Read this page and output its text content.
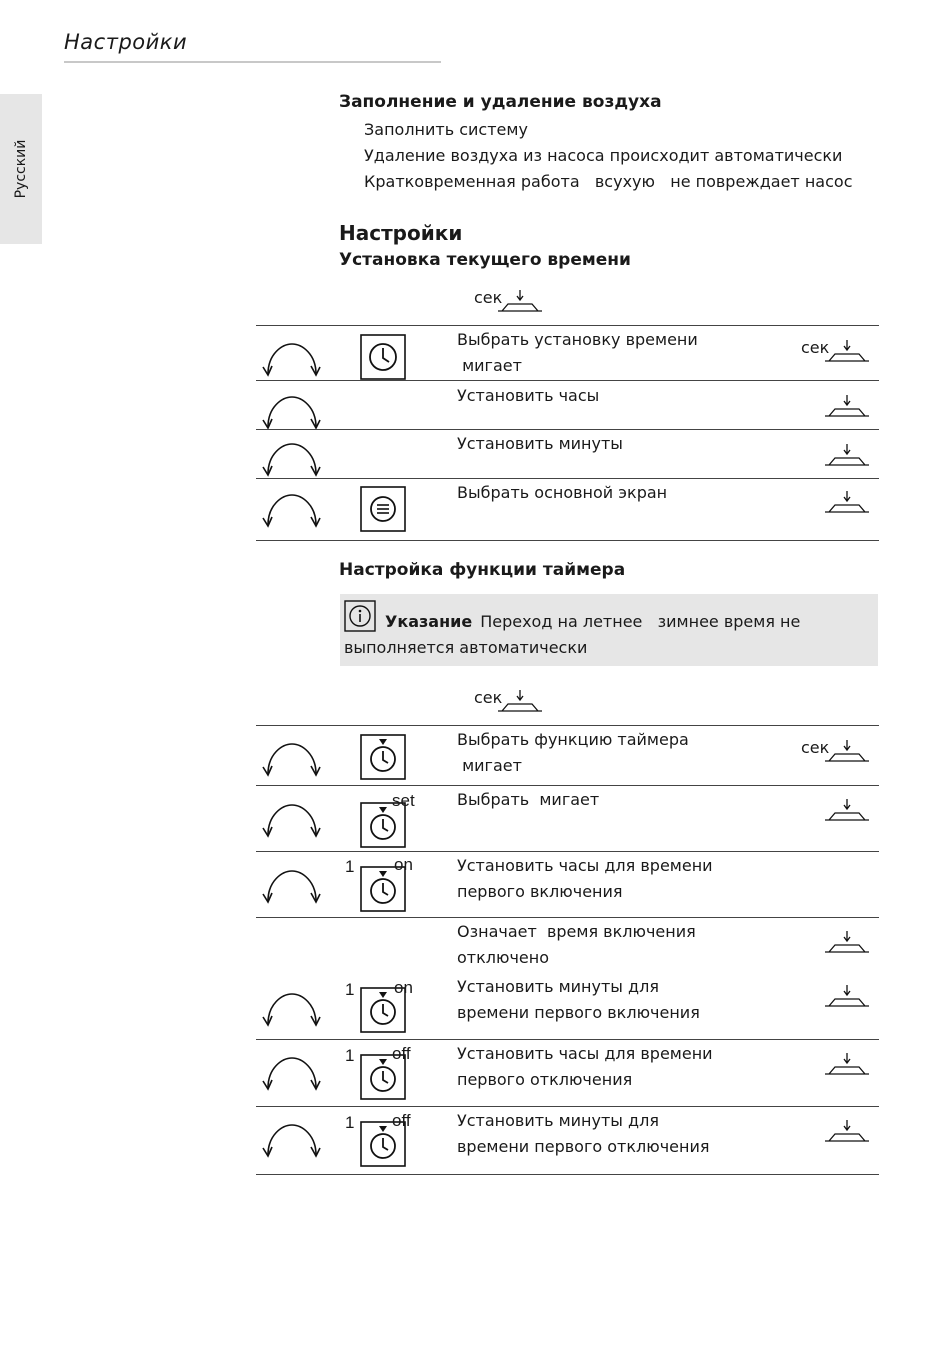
Настройки
Русский
Заполнение и удаление воздуха
Заполнить систему
Удаление воздуха из насоса происходит автоматически
Кратковременная работа   всухую   не повреждает насос
Настройки
Установка текущего времени
сек
Выбрать установку времени
мигает
сек
Установить часы
Установить минуты
Выбрать основной экран
Настройка функции таймера
Указание Переход на летнее   зимнее время не
выполняется автоматически
сек
Выбрать функцию таймера
мигает
сек
set	Выбрать  мигает
1 on	Установить часы для времени
первого включения
Означает  время включения
отключено
1 on	Установить минуты для
времени первого включения
1 off	Установить часы для времени
первого отключения
1 off	Установить минуты для
времени первого отключения
